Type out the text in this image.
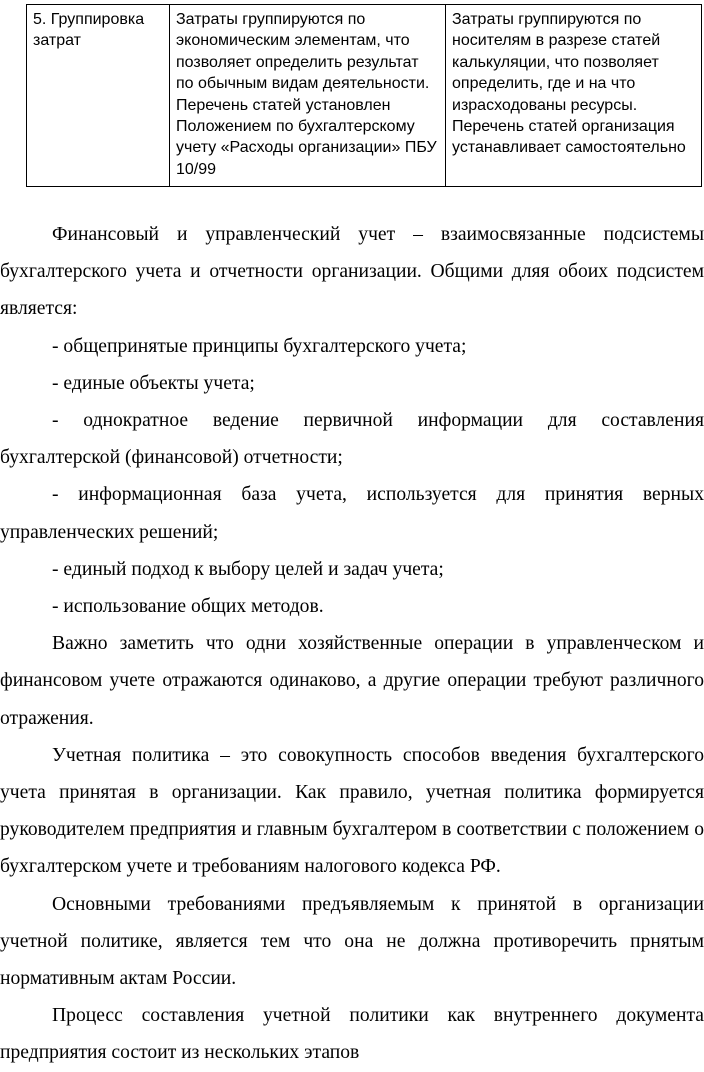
5. Группировка затрат	Затраты группируются по экономическим элементам, что позволяет определить результат по обычным видам деятельности. Перечень статей установлен Положением по бухгалтерскому учету «Расходы организации» ПБУ 10/99	Затраты группируются по носителям в разрезе статей калькуляции, что позволяет определить, где и на что израсходованы ресурсы. Перечень статей организация устанавливает самостоятельно

Финансовый и управленческий учет – взаимосвязанные подсистемы бухгалтерского учета и отчетности организации. Общими дляя обоих подсистем является:

- общепринятые принципы бухгалтерского учета;

- единые объекты учета;

- однократное ведение первичной информации для составления бухгалтерской (финансовой) отчетности;

- информационная база учета, используется для принятия верных управленческих решений;

- единый подход к выбору целей и задач учета;

- использование общих методов.

Важно заметить что одни хозяйственные операции в управленческом и финансовом учете отражаются одинаково, а другие операции требуют различного отражения.

Учетная политика – это совокупность способов введения бухгалтерского учета принятая в организации. Как правило, учетная политика формируется руководителем предприятия и главным бухгалтером в соответствии с положением о бухгалтерском учете и требованиям налогового кодекса РФ.

Основными требованиями предъявляемым к принятой в организации учетной политике, является тем что она не должна противоречить прнятым нормативным актам России.

Процесс составления учетной политики как внутреннего документа предприятия состоит из нескольких этапов
